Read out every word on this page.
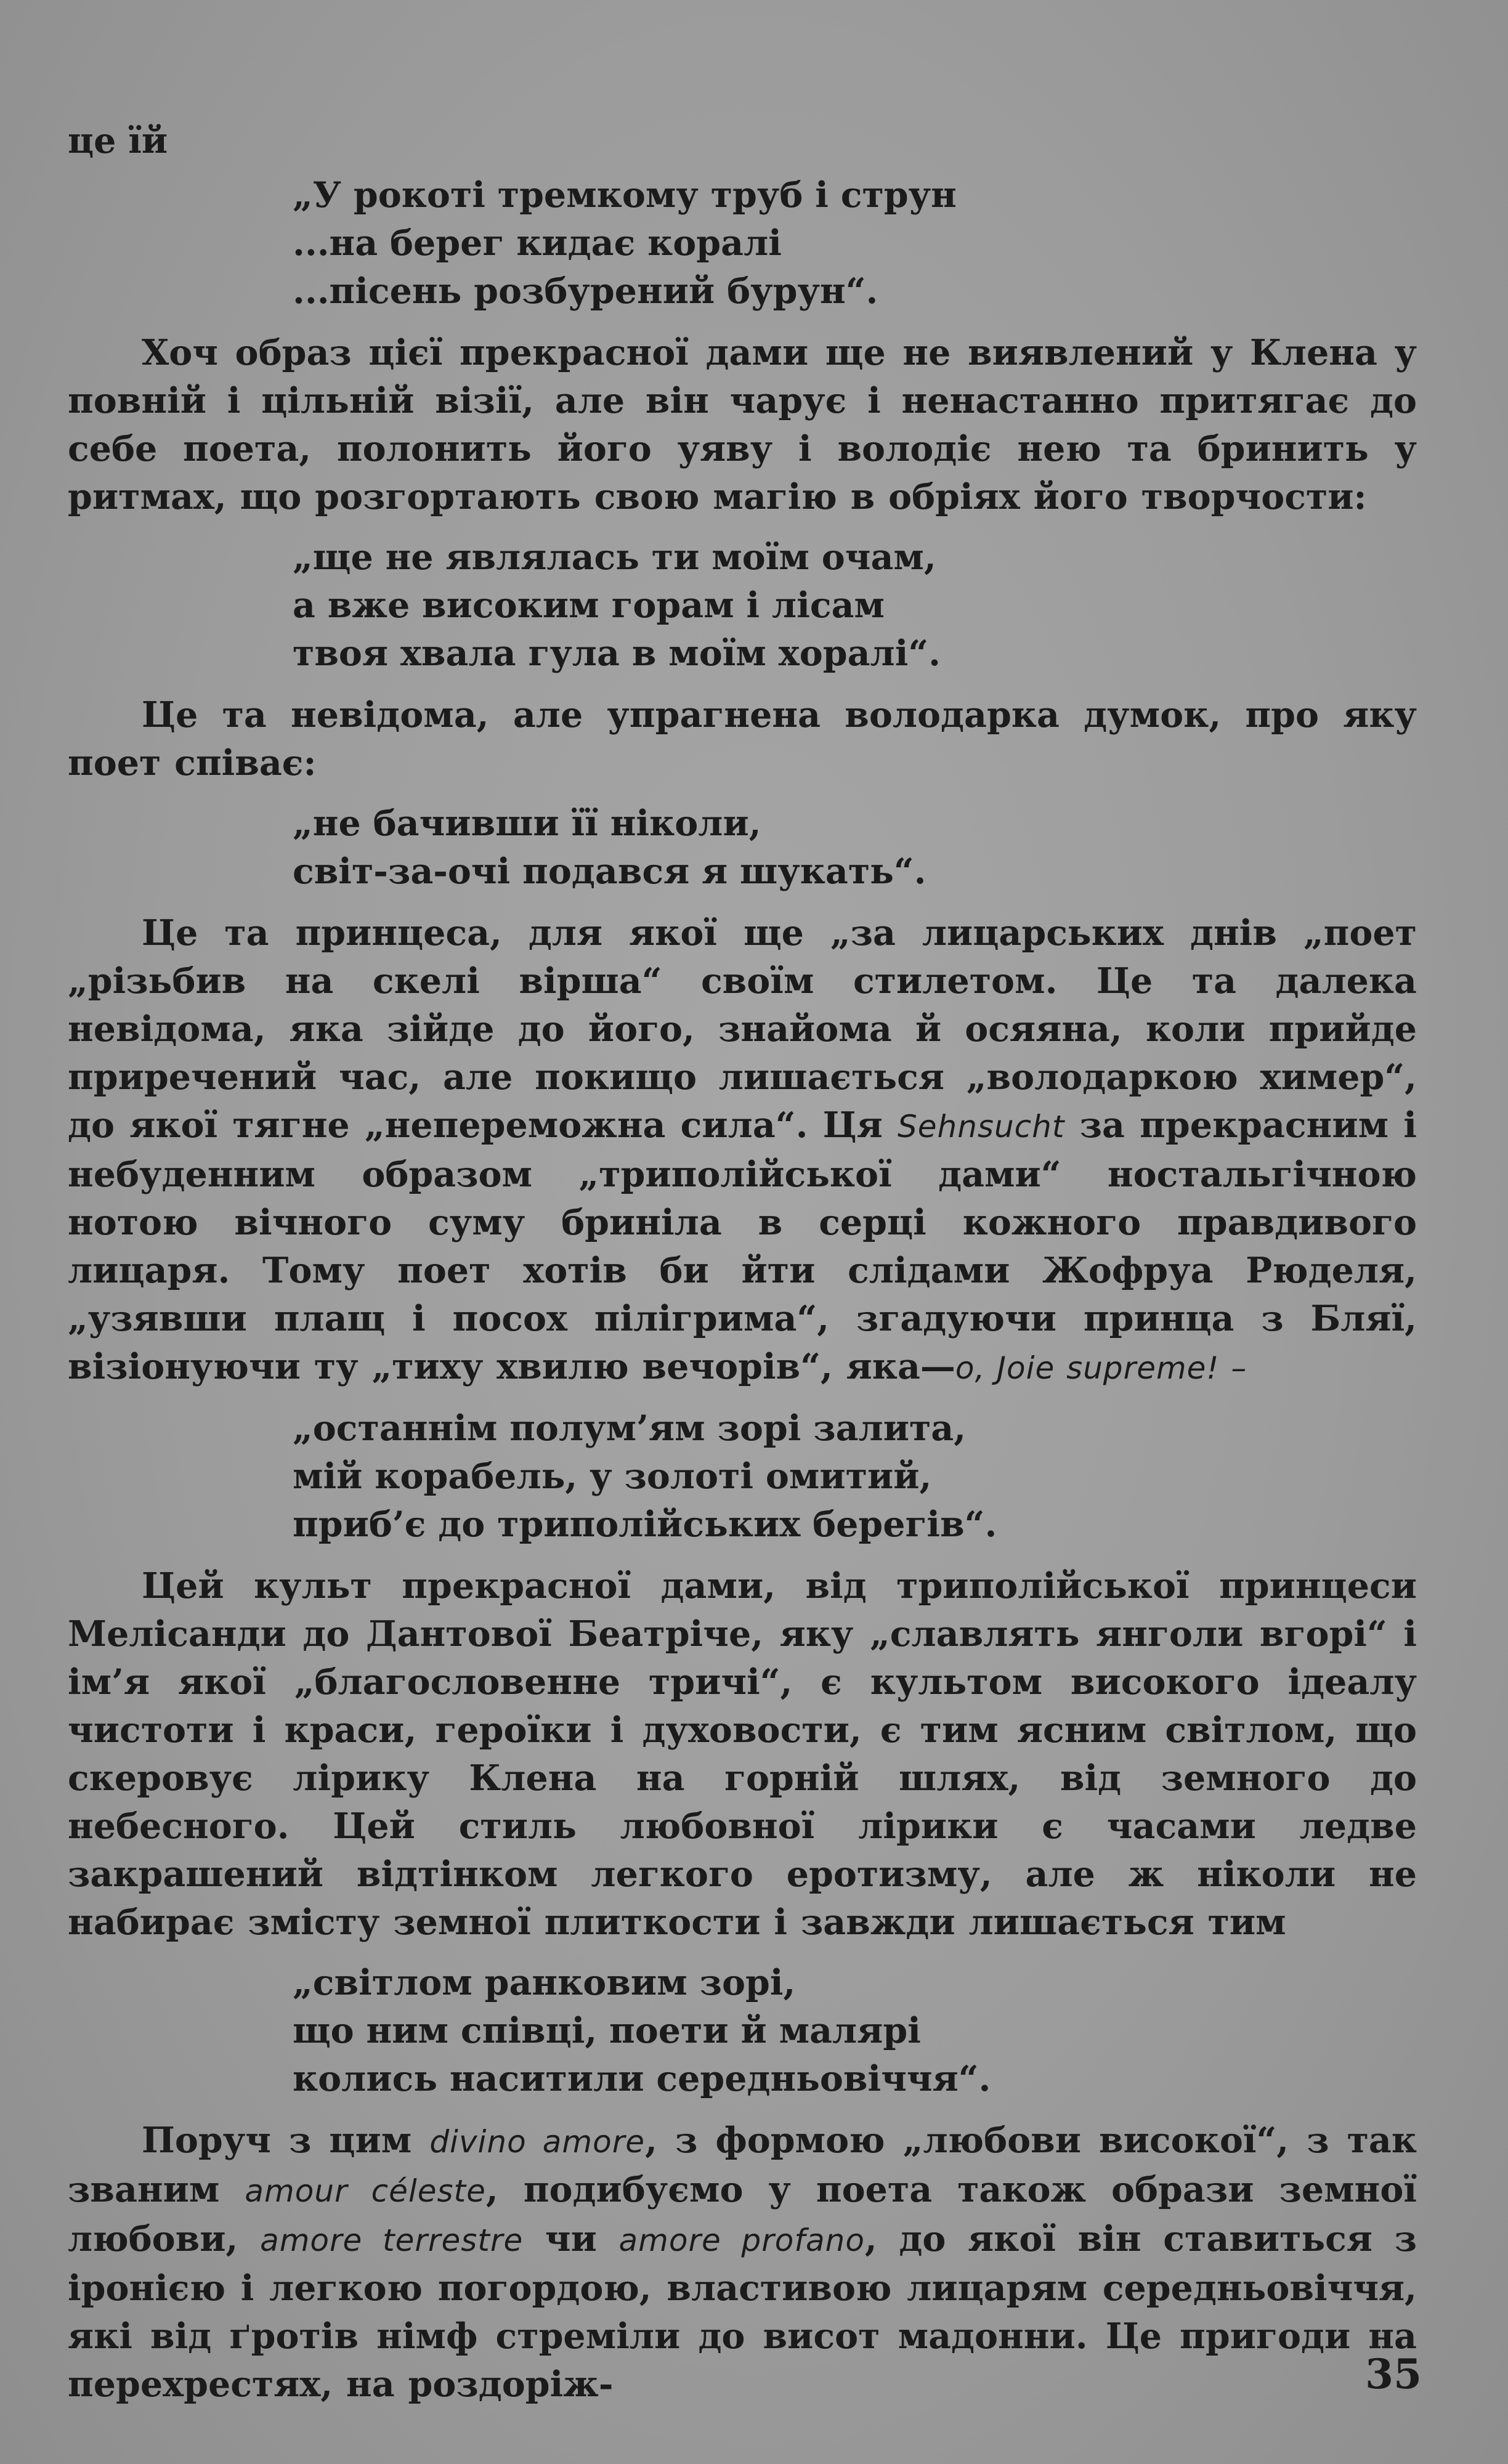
це їй

„У рокоті тремкому труб і струн
...на берег кидає коралі
...пісень розбурений бурун“.

Хоч образ цієї прекрасної дами ще не виявлений у Клена у повній і цільній візії, але він чарує і ненастанно притягає до себе поета, полонить його уяву і володіє нею та бринить у ритмах, що розгортають свою магію в обріях його творчости:

„ще не являлась ти моїм очам,
а вже високим горам і лісам
твоя хвала гула в моїм хоралі“.

Це та невідома, але упрагнена володарка думок, про яку поет співає:

„не бачивши її ніколи,
світ-за-очі подався я шукать“.

Це та принцеса, для якої ще „за лицарських днів „поет „різьбив на скелі вірша“ своїм стилетом. Це та далека невідома, яка зійде до його, знайома й осяяна, коли прийде приречений час, але покищо лишається „володаркою химер“, до якої тягне „непереможна сила“. Ця Sehnsucht за прекрасним і небуденним образом „триполійської дами“ ностальгічною нотою вічного суму бриніла в серці кожного правдивого лицаря. Тому поет хотів би йти слідами Жофруа Рюделя, „узявши плащ і посох пілігрима“, згадуючи принца з Бляї, візіонуючи ту „тиху хвилю вечорів“, яка—o, Joie supreme! –

„останнім полум’ям зорі залита,
мій корабель, у золоті омитий,
приб’є до триполійських берегів“.

Цей культ прекрасної дами, від триполійської принцеси Мелісанди до Дантової Беатріче, яку „славлять янголи вгорі“ і ім’я якої „благословенне тричі“, є культом високого ідеалу чистоти і краси, героїки і духовости, є тим ясним світлом, що скеровує лірику Клена на горній шлях, від земного до небесного. Цей стиль любовної лірики є часами ледве закрашений відтінком легкого еротизму, але ж ніколи не набирає змісту земної плиткости і завжди лишається тим

„світлом ранковим зорі,
що ним співці, поети й малярі
колись наситили середньовіччя“.

Поруч з цим divino amore, з формою „любови високої“, з так званим amour céleste, подибуємо у поета також образи земної любови, amore terrestre чи amore profano, до якої він ставиться з іронією і легкою погордою, властивою лицарям середньовіччя, які від ґротів німф стреміли до висот мадонни. Це пригоди на перехрестях, на роздоріж-	35
